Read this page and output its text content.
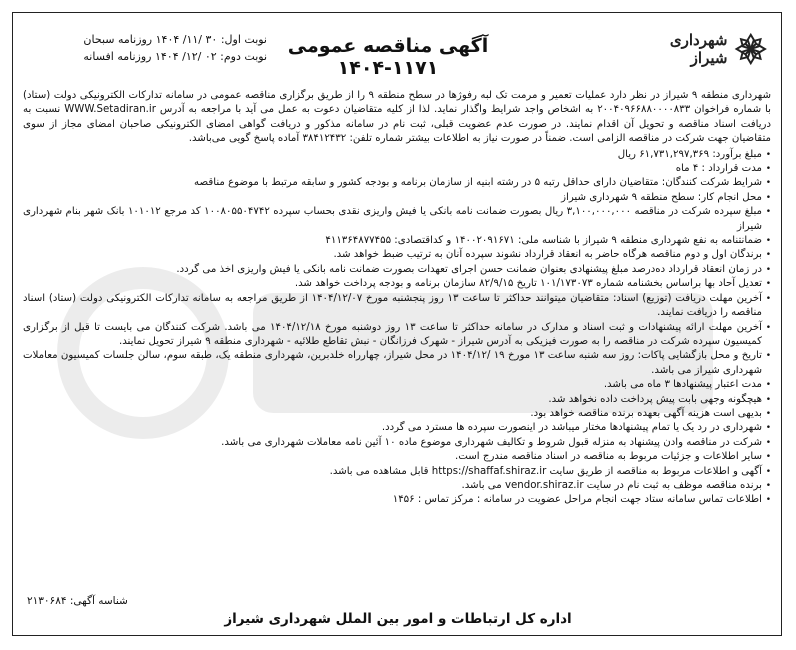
شهرداری شیراز
آگهی مناقصه عمومی ۱۱۷۱-۱۴۰۴
نوبت اول: ۳۰ /۱۱/ ۱۴۰۴ روزنامه سبحان
نوبت دوم: ۰۲ /۱۲/ ۱۴۰۴ روزنامه افسانه

شهرداری منطقه ۹ شیراز در نظر دارد عملیات تعمیر و مرمت تک لبه رفوژها در سطح منطقه ۹ را از طریق برگزاری مناقصه عمومی در سامانه تدارکات الکترونیکی دولت (ستاد) با شماره فراخوان ۲۰۰۴۰۹۶۶۸۸۰۰۰۰۸۳۳ به اشخاص واجد شرایط واگذار نماید. لذا از کلیه متقاضیان دعوت به عمل می آید با مراجعه به آدرس WWW.Setadiran.ir نسبت به دریافت اسناد مناقصه و تحویل آن اقدام نمایند. در صورت عدم عضویت قبلی، ثبت نام در سامانه مذکور و دریافت گواهی امضای الکترونیکی صاحبان امضای مجاز از سوی متقاضیان جهت شرکت در مناقصه الزامی است. ضمناً در صورت نیاز به اطلاعات بیشتر شماره تلفن: ۳۸۴۱۲۴۳۲ آماده پاسخ گویی می‌باشد.

• مبلغ برآورد: ۶۱,۷۳۱,۲۹۷,۳۶۹ ریال
• مدت قرارداد : ۴ ماه
• شرایط شرکت کنندگان: متقاضیان دارای حداقل رتبه ۵ در رشته ابنیه از سازمان برنامه و بودجه کشور و سابقه مرتبط با موضوع مناقصه
• محل انجام کار: سطح منطقه ۹ شهرداری شیراز
• مبلغ سپرده شرکت در مناقصه ۳,۱۰۰,۰۰۰,۰۰۰ ریال بصورت ضمانت نامه بانکی یا فیش واریزی نقدی بحساب سپرده ۱۰۰۸۰۵۵۰۴۷۴۲ کد مرجع ۱۰۱۰۱۲ بانک شهر بنام شهرداری شیراز
• ضمانتنامه به نفع شهرداری منطقه ۹ شیراز با شناسه ملی: ۱۴۰۰۲۰۹۱۶۷۱ و کداقتصادی: ۴۱۱۳۶۴۸۷۷۴۵۵
• برندگان اول و دوم مناقصه هرگاه حاضر به انعقاد قرارداد نشوند سپرده آنان به ترتیب ضبط خواهد شد.
• در زمان انعقاد قرارداد ده‌درصد مبلغ پیشنهادی بعنوان ضمانت حسن اجرای تعهدات بصورت ضمانت نامه بانکی یا فیش واریزی اخذ می گردد.
• تعدیل آحاد بها براساس بخشنامه شماره ۱۰۱/۱۷۳۰۷۳ تاریخ ۸۲/۹/۱۵ سازمان برنامه و بودجه پرداخت خواهد شد.
• آخرین مهلت دریافت (توزیع) اسناد: متقاضیان میتوانند حداکثر تا ساعت ۱۳ روز پنجشنبه مورخ ۱۴۰۴/۱۲/۰۷ از طریق مراجعه به سامانه تدارکات الکترونیکی دولت (ستاد) اسناد مناقصه را دریافت نمایند.
• آخرین مهلت ارائه پیشنهادات و ثبت اسناد و مدارک در سامانه حداکثر تا ساعت ۱۳ روز دوشنبه مورخ ۱۴۰۴/۱۲/۱۸ می باشد. شرکت کنندگان می بایست تا قبل از برگزاری کمیسیون سپرده شرکت در مناقصه را به صورت فیزیکی به آدرس شیراز - شهرک فرزانگان - نبش تقاطع طلائیه - شهرداری منطقه ۹ شیراز تحویل نمایند.
• تاریخ و محل بازگشایی پاکات: روز سه شنبه ساعت ۱۳ مورخ ۱۹ /۱۴۰۴/۱۲ در محل شیراز، چهارراه خلدبرین، شهرداری منطقه یک، طبقه سوم، سالن جلسات کمیسیون معاملات شهرداری شیراز می باشد.
• مدت اعتبار پیشنهادها ۳ ماه می باشد.
• هیچگونه وجهی بابت پیش پرداخت داده نخواهد شد.
• بدیهی است هزینه آگهی بعهده برنده مناقصه خواهد بود.
• شهرداری در رد یک یا تمام پیشنهادها مختار میباشد در اینصورت سپرده ها مسترد می گردد.
• شرکت در مناقصه وادن پیشنهاد به منزله قبول شروط و تکالیف شهرداری موضوع ماده ۱۰ آئین نامه معاملات شهرداری می باشد.
• سایر اطلاعات و جزئیات مربوط به مناقصه در اسناد مناقصه مندرج است.
• آگهی و اطلاعات مربوط به مناقصه از طریق سایت https://shaffaf.shiraz.ir قابل مشاهده می باشد.
• برنده مناقصه موظف به ثبت نام در سایت vendor.shiraz.ir می باشد.
• اطلاعات تماس سامانه ستاد جهت انجام مراحل عضویت در سامانه : مرکز تماس : ۱۴۵۶
شناسه آگهی: ۲۱۳۰۶۸۴
اداره کل ارتباطات و امور بین الملل شهرداری شیراز
